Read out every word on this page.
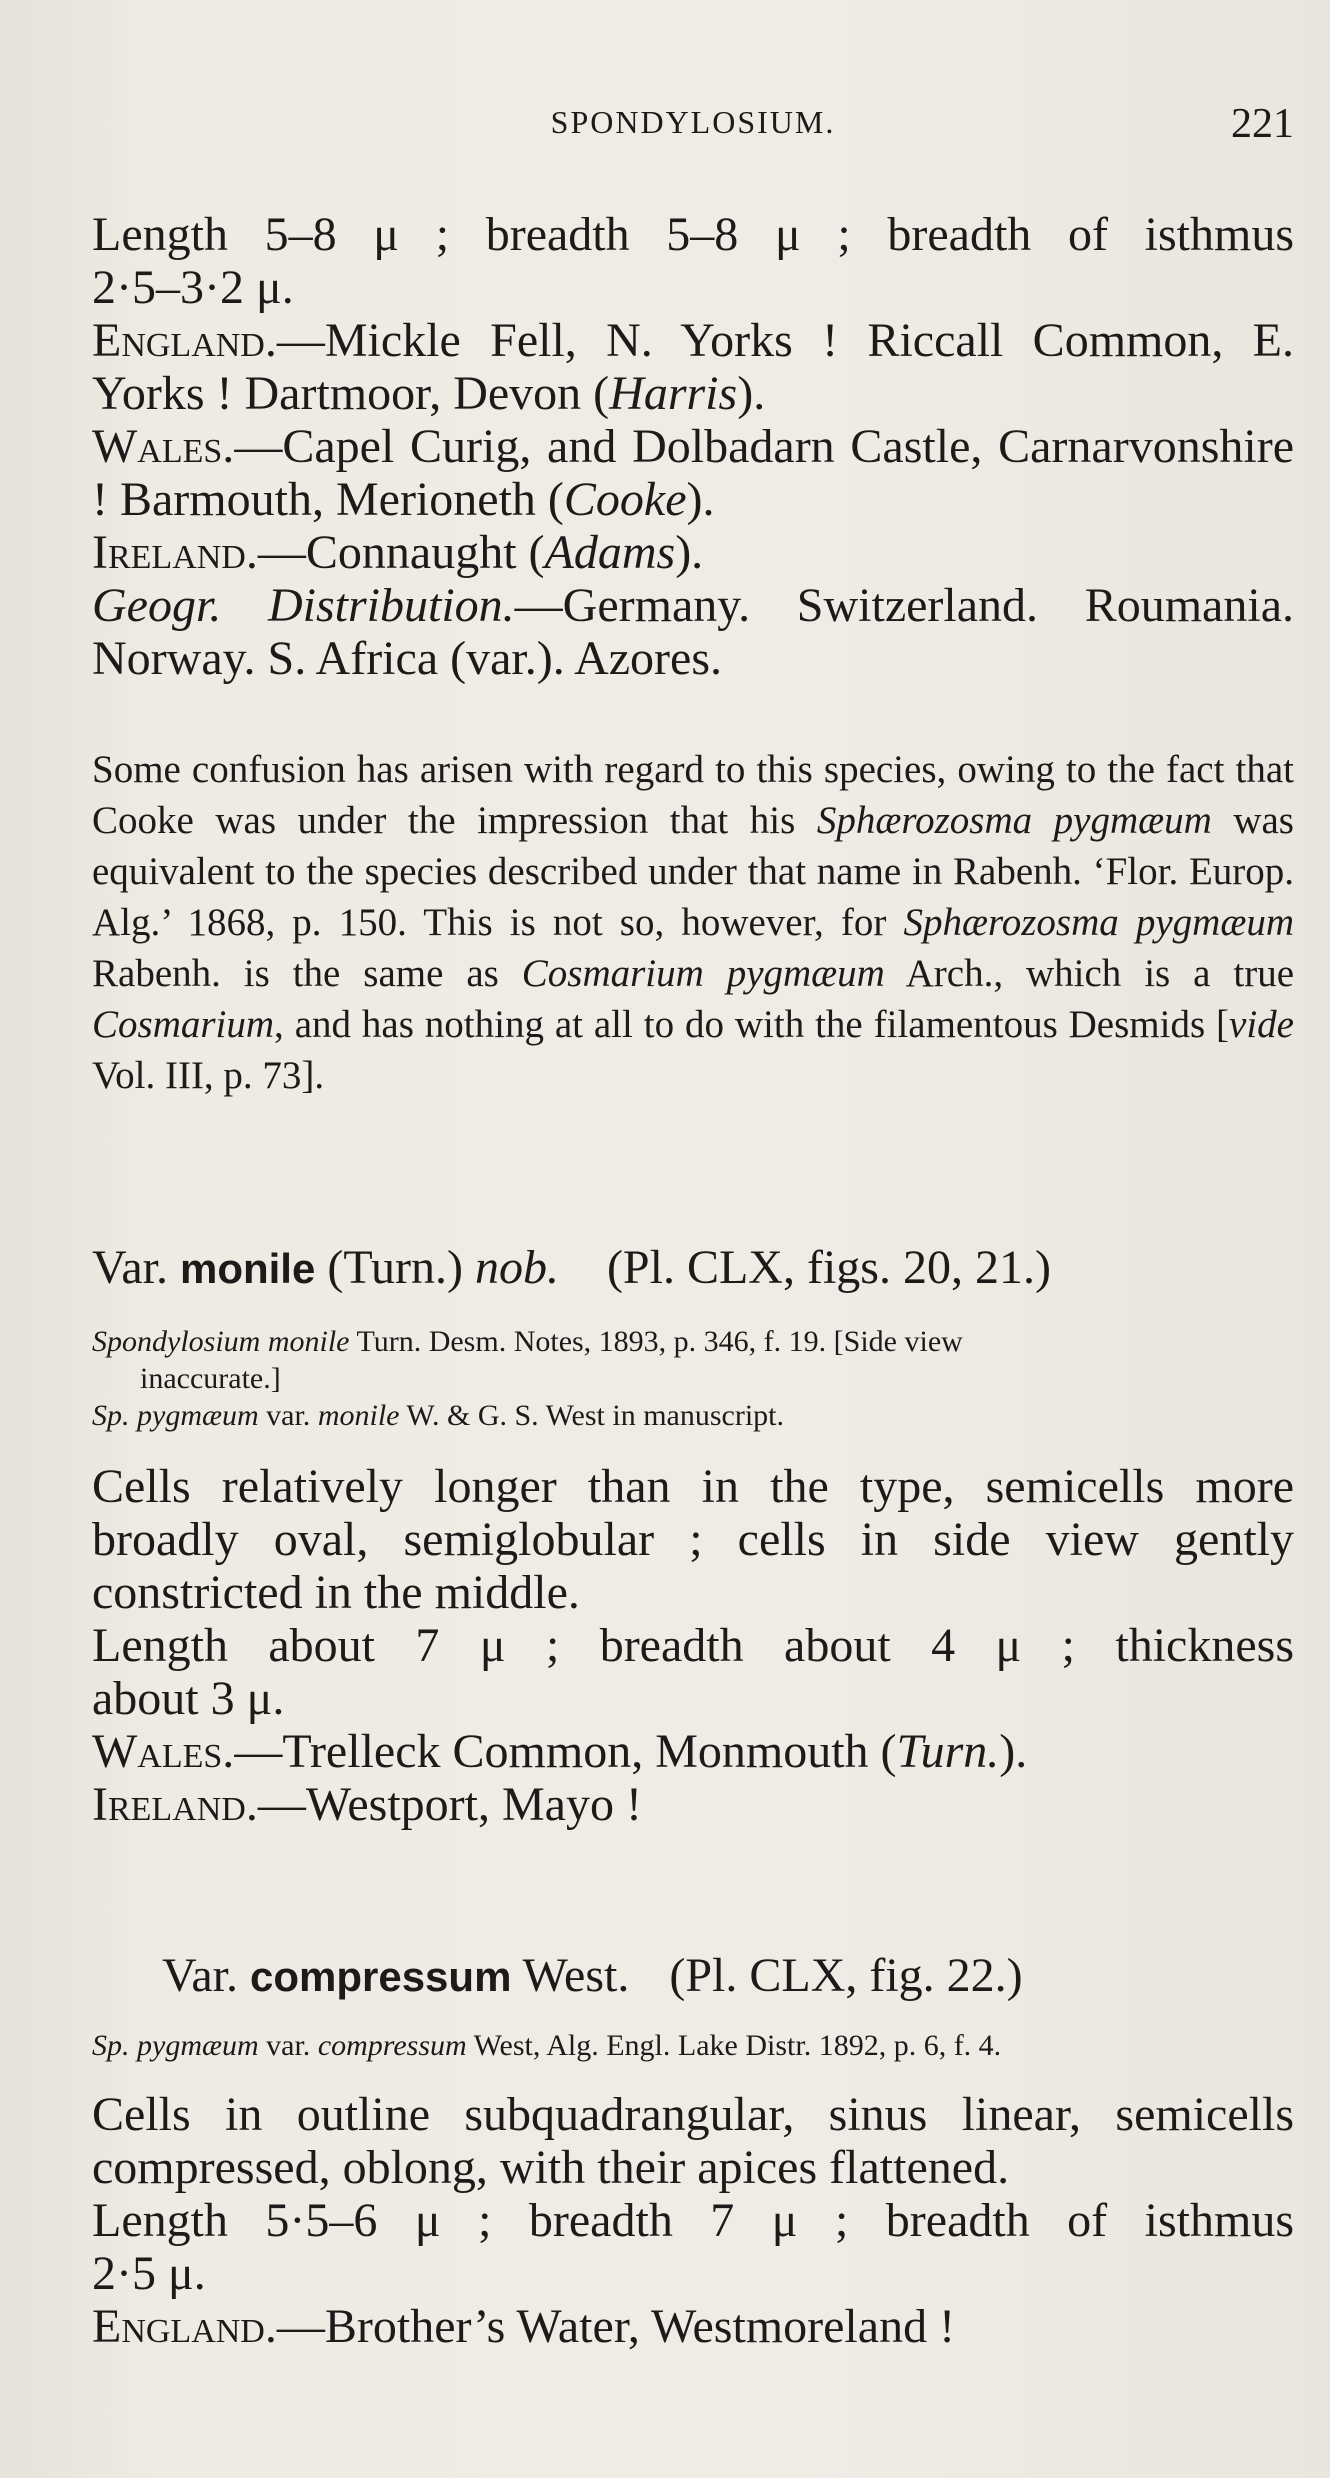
SPONDYLOSIUM.	221

Length 5–8 μ ; breadth 5–8 μ ; breadth of isthmus

2·5–3·2 μ.

England.—Mickle Fell, N. Yorks ! Riccall Common, E. Yorks ! Dartmoor, Devon (Harris).

Wales.—Capel Curig, and Dolbadarn Castle, Carnarvonshire ! Barmouth, Merioneth (Cooke).

Ireland.—Connaught (Adams).

Geogr. Distribution.—Germany. Switzerland. Roumania. Norway. S. Africa (var.). Azores.

Some confusion has arisen with regard to this species, owing to the fact that Cooke was under the impression that his Sphærozosma pygmæum was equivalent to the species described under that name in Rabenh. ‘Flor. Europ. Alg.’ 1868, p. 150. This is not so, however, for Sphærozosma pygmæum Rabenh. is the same as Cosmarium pygmæum Arch., which is a true Cosmarium, and has nothing at all to do with the filamentous Desmids [vide Vol. III, p. 73].

Var. monile (Turn.) nob. (Pl. CLX, figs. 20, 21.)

Spondylosium monile Turn. Desm. Notes, 1893, p. 346, f. 19. [Side view

inaccurate.]

Sp. pygmæum var. monile W. & G. S. West in manuscript.

Cells relatively longer than in the type, semicells more broadly oval, semiglobular ; cells in side view gently constricted in the middle.

Length about 7 μ ; breadth about 4 μ ; thickness

about 3 μ.

Wales.—Trelleck Common, Monmouth (Turn.).

Ireland.—Westport, Mayo !

Var. compressum West. (Pl. CLX, fig. 22.)

Sp. pygmæum var. compressum West, Alg. Engl. Lake Distr. 1892, p. 6, f. 4.

Cells in outline subquadrangular, sinus linear, semicells compressed, oblong, with their apices flattened.

Length 5·5–6 μ ; breadth 7 μ ; breadth of isthmus

2·5 μ.

England.—Brother’s Water, Westmoreland !
